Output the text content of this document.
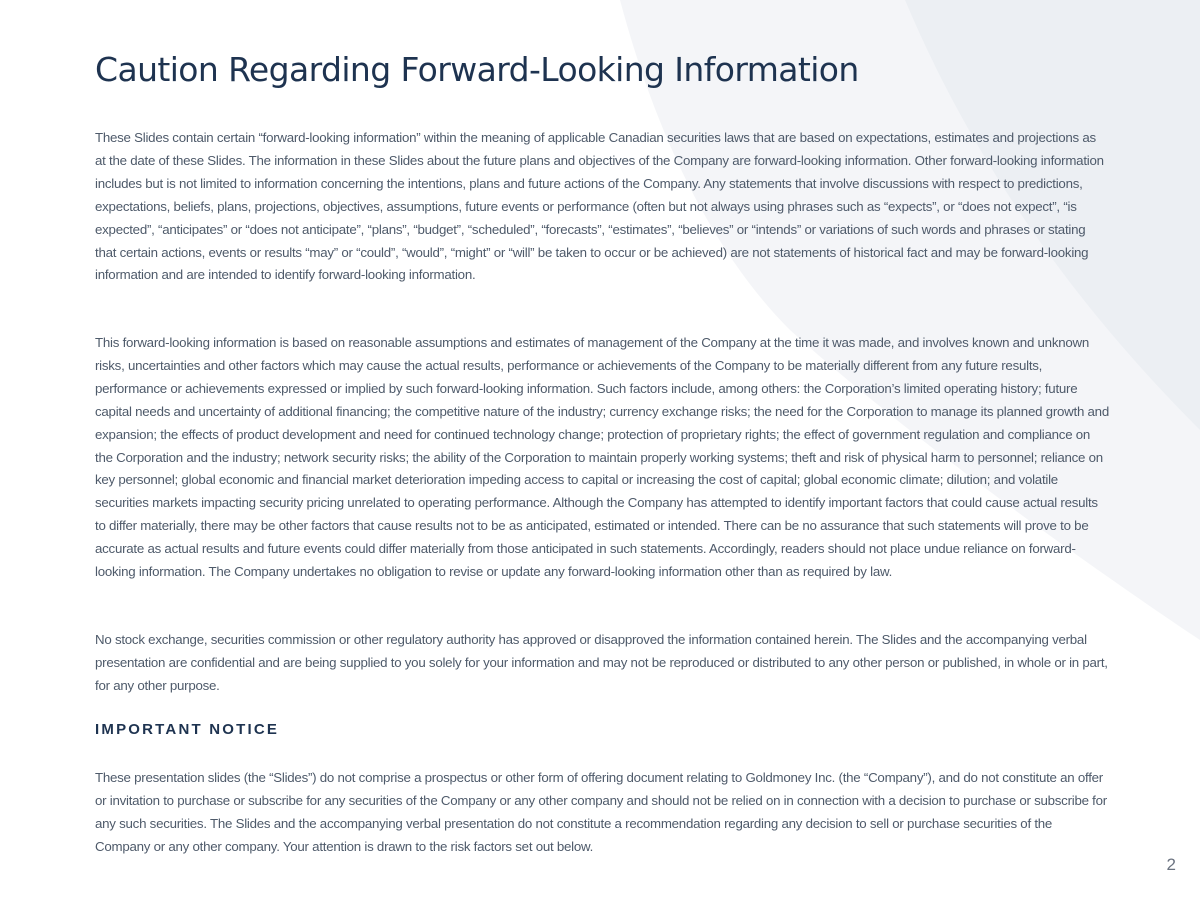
Caution Regarding Forward-Looking Information

These Slides contain certain “forward-looking information” within the meaning of applicable Canadian securities laws that are based on expectations, estimates and projections as at the date of these Slides. The information in these Slides about the future plans and objectives of the Company are forward-looking information. Other forward-looking information includes but is not limited to information concerning the intentions, plans and future actions of the Company. Any statements that involve discussions with respect to predictions, expectations, beliefs, plans, projections, objectives, assumptions, future events or performance (often but not always using phrases such as “expects”, or “does not expect”, “is expected”, “anticipates” or “does not anticipate”, “plans”, “budget”, “scheduled”, “forecasts”, “estimates”, “believes” or “intends” or variations of such words and phrases or stating that certain actions, events or results “may” or “could”, “would”, “might” or “will” be taken to occur or be achieved) are not statements of historical fact and may be forward-looking information and are intended to identify forward-looking information.

This forward-looking information is based on reasonable assumptions and estimates of management of the Company at the time it was made, and involves known and unknown risks, uncertainties and other factors which may cause the actual results, performance or achievements of the Company to be materially different from any future results, performance or achievements expressed or implied by such forward-looking information. Such factors include, among others: the Corporation’s limited operating history; future capital needs and uncertainty of additional financing; the competitive nature of the industry; currency exchange risks; the need for the Corporation to manage its planned growth and expansion; the effects of product development and need for continued technology change; protection of proprietary rights; the effect of government regulation and compliance on the Corporation and the industry; network security risks; the ability of the Corporation to maintain properly working systems; theft and risk of physical harm to personnel; reliance on key personnel; global economic and financial market deterioration impeding access to capital or increasing the cost of capital; global economic climate; dilution; and volatile securities markets impacting security pricing unrelated to operating performance. Although the Company has attempted to identify important factors that could cause actual results to differ materially, there may be other factors that cause results not to be as anticipated, estimated or intended. There can be no assurance that such statements will prove to be accurate as actual results and future events could differ materially from those anticipated in such statements. Accordingly, readers should not place undue reliance on forward-looking information. The Company undertakes no obligation to revise or update any forward-looking information other than as required by law.

No stock exchange, securities commission or other regulatory authority has approved or disapproved the information contained herein. The Slides and the accompanying verbal presentation are confidential and are being supplied to you solely for your information and may not be reproduced or distributed to any other person or published, in whole or in part, for any other purpose.

IMPORTANT NOTICE

These presentation slides (the “Slides”) do not comprise a prospectus or other form of offering document relating to Goldmoney Inc. (the “Company”), and do not constitute an offer or invitation to purchase or subscribe for any securities of the Company or any other company and should not be relied on in connection with a decision to purchase or subscribe for any such securities. The Slides and the accompanying verbal presentation do not constitute a recommendation regarding any decision to sell or purchase securities of the Company or any other company. Your attention is drawn to the risk factors set out below.

2
